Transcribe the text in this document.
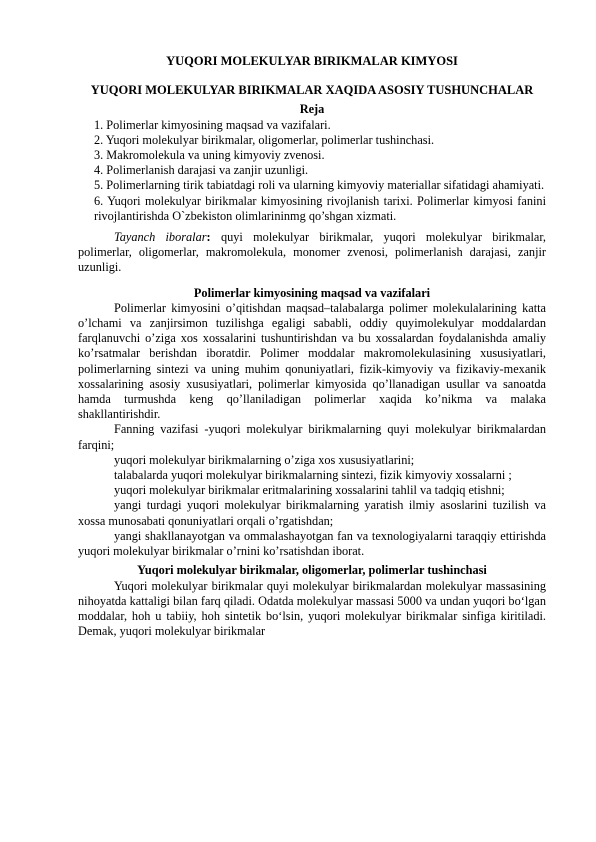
YUQORI MOLEKULYAR BIRIKMALAR KIMYOSI
YUQORI MOLEKULYAR BIRIKMALAR XAQIDA ASOSIY TUSHUNCHALAR
Reja
1. Polimerlar kimyosining maqsad va vazifalari.
2. Yuqori molekulyar birikmalar, oligomerlar, polimerlar tushinchasi.
3. Makromolekula va uning kimyoviy zvenosi.
4. Polimerlanish darajasi va zanjir uzunligi.
5. Polimerlarning tirik tabiatdagi roli va ularning kimyoviy materiallar sifatidagi ahamiyati.
6. Yuqori molekulyar birikmalar kimyosining rivojlanish tarixi. Polimerlar kimyosi fanini rivojlantirishda O`zbekiston olimlarininmg qo’shgan xizmati.

Tayanch iboralar: quyi molekulyar birikmalar, yuqori molekulyar birikmalar, polimerlar, oligomerlar, makromolekula, monomer zvenosi, polimerlanish darajasi, zanjir uzunligi.

Polimerlar kimyosining maqsad va vazifalari

Polimerlar kimyosini o’qitishdan maqsad–talabalarga polimer molekulalarining katta o’lchami va zanjirsimon tuzilishga egaligi sababli, oddiy quyimolekulyar moddalardan farqlanuvchi o’ziga xos xossalarini tushuntirishdan va bu xossalardan foydalanishda amaliy ko’rsatmalar berishdan iboratdir. Polimer moddalar makromolekulasining xususiyatlari, polimerlarning sintezi va uning muhim qonuniyatlari, fizik-kimyoviy va fizikaviy-mexanik xossalarining asosiy xususiyatlari, polimerlar kimyosida qo’llanadigan usullar va sanoatda hamda turmushda keng qo’llaniladigan polimerlar xaqida ko’nikma va malaka shakllantirishdir.

Fanning vazifasi -yuqori molekulyar birikmalarning quyi molekulyar birikmalardan farqini;

yuqori molekulyar birikmalarning o’ziga xos xususiyatlarini;

talabalarda yuqori molekulyar birikmalarning sintezi, fizik kimyoviy xossalarni ;

yuqori molekulyar birikmalar eritmalarining xossalarini tahlil va tadqiq etishni;

yangi turdagi yuqori molekulyar birikmalarning yaratish ilmiy asoslarini tuzilish va xossa munosabati qonuniyatlari orqali o’rgatishdan;

yangi shakllanayotgan va ommalashayotgan fan va texnologiyalarni taraqqiy ettirishda yuqori molekulyar birikmalar o’rnini ko’rsatishdan iborat.

Yuqori molekulyar birikmalar, oligomerlar, polimerlar tushinchasi

Yuqori molekulyar birikmalar quyi molekulyar birikmalardan molekulyar massasining nihoyatda kattaligi bilan farq qiladi. Odatda molekulyar massasi 5000 va undan yuqori bo‘lgan moddalar, hoh u tabiiy, hoh sintetik bo‘lsin, yuqori molekulyar birikmalar sinfiga kiritiladi. Demak, yuqori molekulyar birikmalar
